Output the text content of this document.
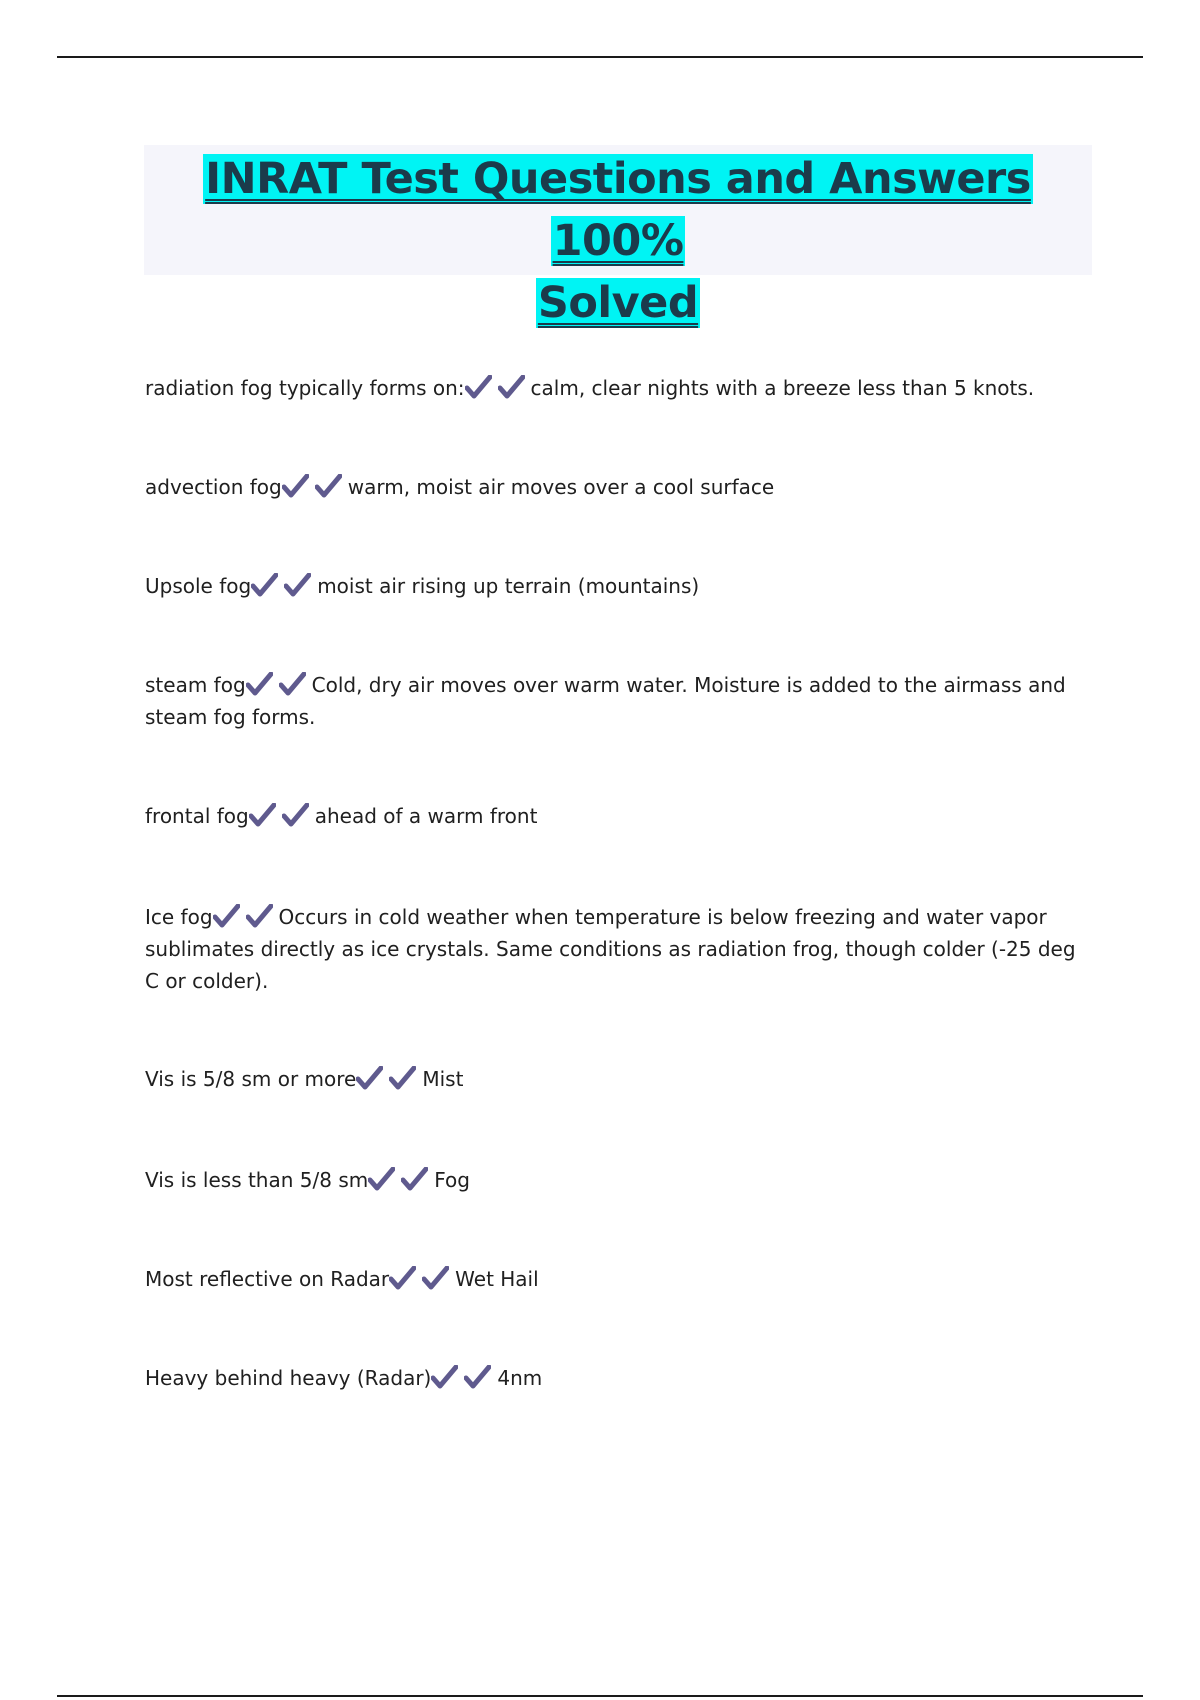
INRAT Test Questions and Answers 100%
Solved

radiation fog typically forms on:	calm, clear nights with a breeze less than 5 knots.

advection fog	warm, moist air moves over a cool surface

Upsole fog	moist air rising up terrain (mountains)

steam fog	Cold, dry air moves over warm water. Moisture is added to the airmass and steam fog forms.

frontal fog	ahead of a warm front

Ice fog	Occurs in cold weather when temperature is below freezing and water vapor sublimates directly as ice crystals. Same conditions as radiation frog, though colder (-25 deg C or colder).

Vis is 5/8 sm or more	Mist

Vis is less than 5/8 sm	Fog

Most reflective on Radar	Wet Hail

Heavy behind heavy (Radar)	4nm
